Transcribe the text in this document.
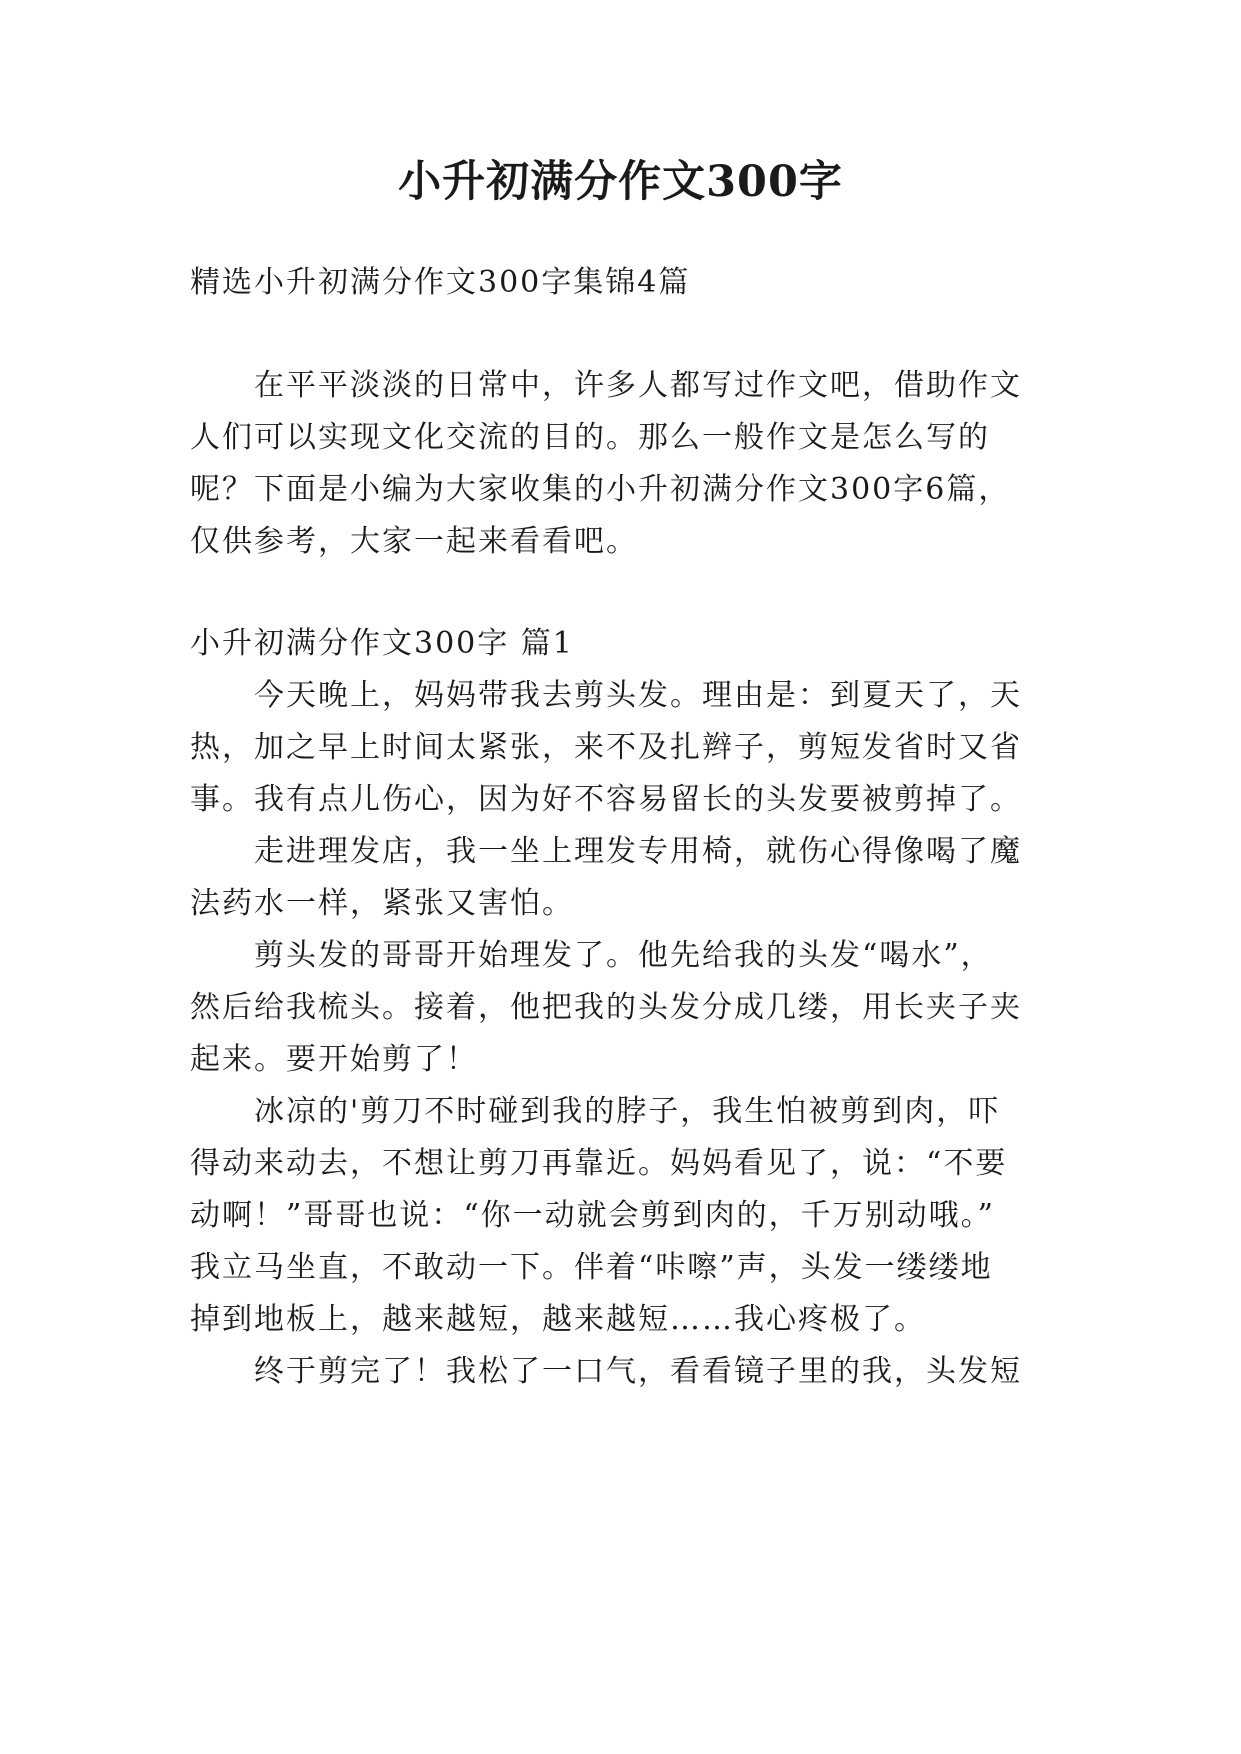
小升初满分作文300字
精选小升初满分作文300字集锦4篇
在平平淡淡的日常中，许多人都写过作文吧，借助作文
人们可以实现文化交流的目的。那么一般作文是怎么写的
呢？下面是小编为大家收集的小升初满分作文300字6篇，
仅供参考，大家一起来看看吧。
小升初满分作文300字 篇1
今天晚上，妈妈带我去剪头发。理由是：到夏天了，天
热，加之早上时间太紧张，来不及扎辫子，剪短发省时又省
事。我有点儿伤心，因为好不容易留长的头发要被剪掉了。
走进理发店，我一坐上理发专用椅，就伤心得像喝了魔
法药水一样，紧张又害怕。
剪头发的哥哥开始理发了。他先给我的头发“喝水”，
然后给我梳头。接着，他把我的头发分成几缕，用长夹子夹
起来。要开始剪了！
冰凉的'剪刀不时碰到我的脖子，我生怕被剪到肉，吓
得动来动去，不想让剪刀再靠近。妈妈看见了，说：“不要
动啊！”哥哥也说：“你一动就会剪到肉的，千万别动哦。”
我立马坐直，不敢动一下。伴着“咔嚓”声，头发一缕缕地
掉到地板上，越来越短，越来越短……我心疼极了。
终于剪完了！我松了一口气，看看镜子里的我，头发短
